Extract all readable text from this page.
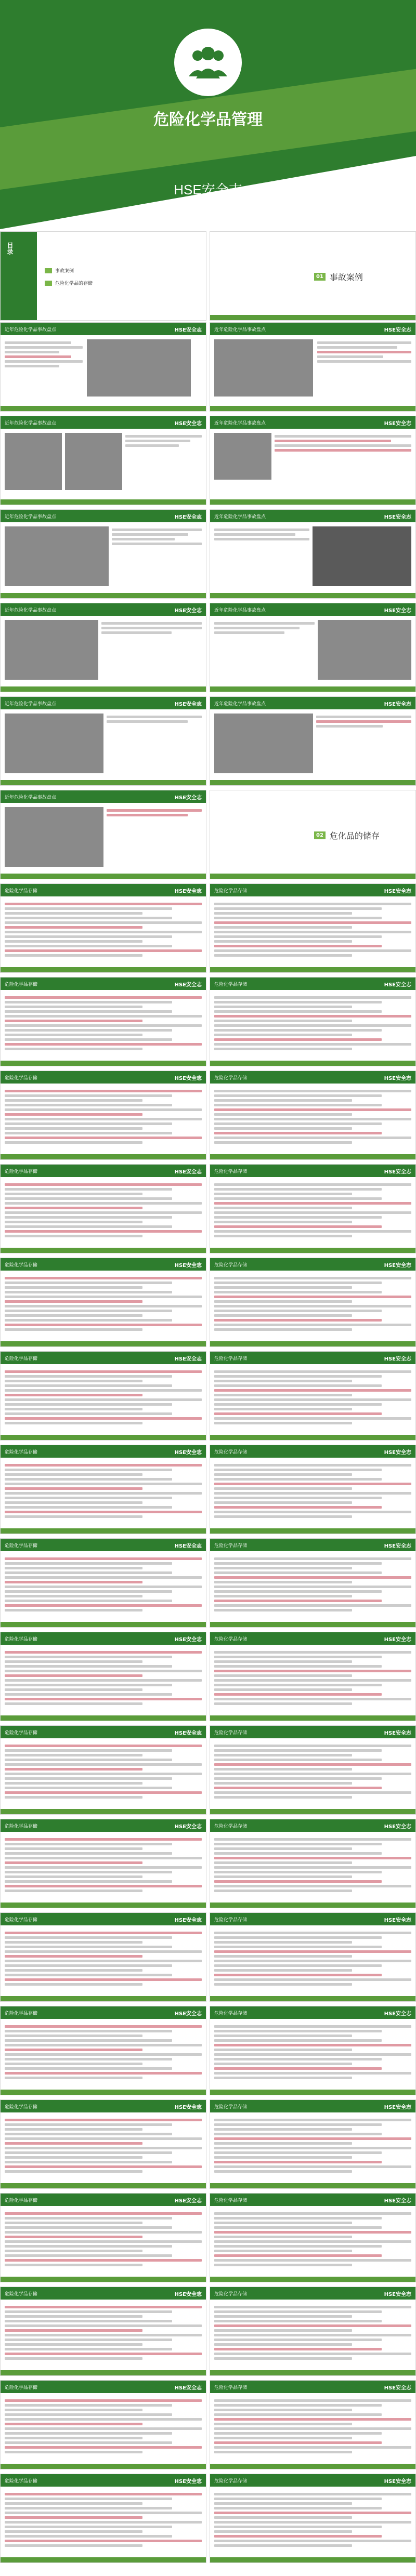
危险化学品管理
HSE安全志
目录
事故案例
危险化学品的存储
01 事故案例
近年危险化学品事故盘点	HSE安全志	近年危险化学品事故盘点	HSE安全志
近年危险化学品事故盘点	HSE安全志	近年危险化学品事故盘点	HSE安全志
近年危险化学品事故盘点	HSE安全志	近年危险化学品事故盘点	HSE安全志
近年危险化学品事故盘点	HSE安全志	近年危险化学品事故盘点	HSE安全志
近年危险化学品事故盘点	HSE安全志	近年危险化学品事故盘点	HSE安全志
近年危险化学品事故盘点	HSE安全志
02 危化品的储存
危险化学品存储	HSE安全志	危险化学品存储	HSE安全志
危险化学品存储	HSE安全志	危险化学品存储	HSE安全志
危险化学品存储	HSE安全志	危险化学品存储	HSE安全志
危险化学品存储	HSE安全志	危险化学品存储	HSE安全志
危险化学品存储	HSE安全志	危险化学品存储	HSE安全志
危险化学品存储	HSE安全志	危险化学品存储	HSE安全志
危险化学品存储	HSE安全志	危险化学品存储	HSE安全志
危险化学品存储	HSE安全志	危险化学品存储	HSE安全志
危险化学品存储	HSE安全志	危险化学品存储	HSE安全志
危险化学品存储	HSE安全志	危险化学品存储	HSE安全志
危险化学品存储	HSE安全志	危险化学品存储	HSE安全志
危险化学品存储	HSE安全志	危险化学品存储	HSE安全志
危险化学品存储	HSE安全志	危险化学品存储	HSE安全志
危险化学品存储	HSE安全志	危险化学品存储	HSE安全志
危险化学品存储	HSE安全志	危险化学品存储	HSE安全志
危险化学品存储	HSE安全志	危险化学品存储	HSE安全志
危险化学品存储	HSE安全志	危险化学品存储	HSE安全志
危险化学品存储	HSE安全志	危险化学品存储	HSE安全志
